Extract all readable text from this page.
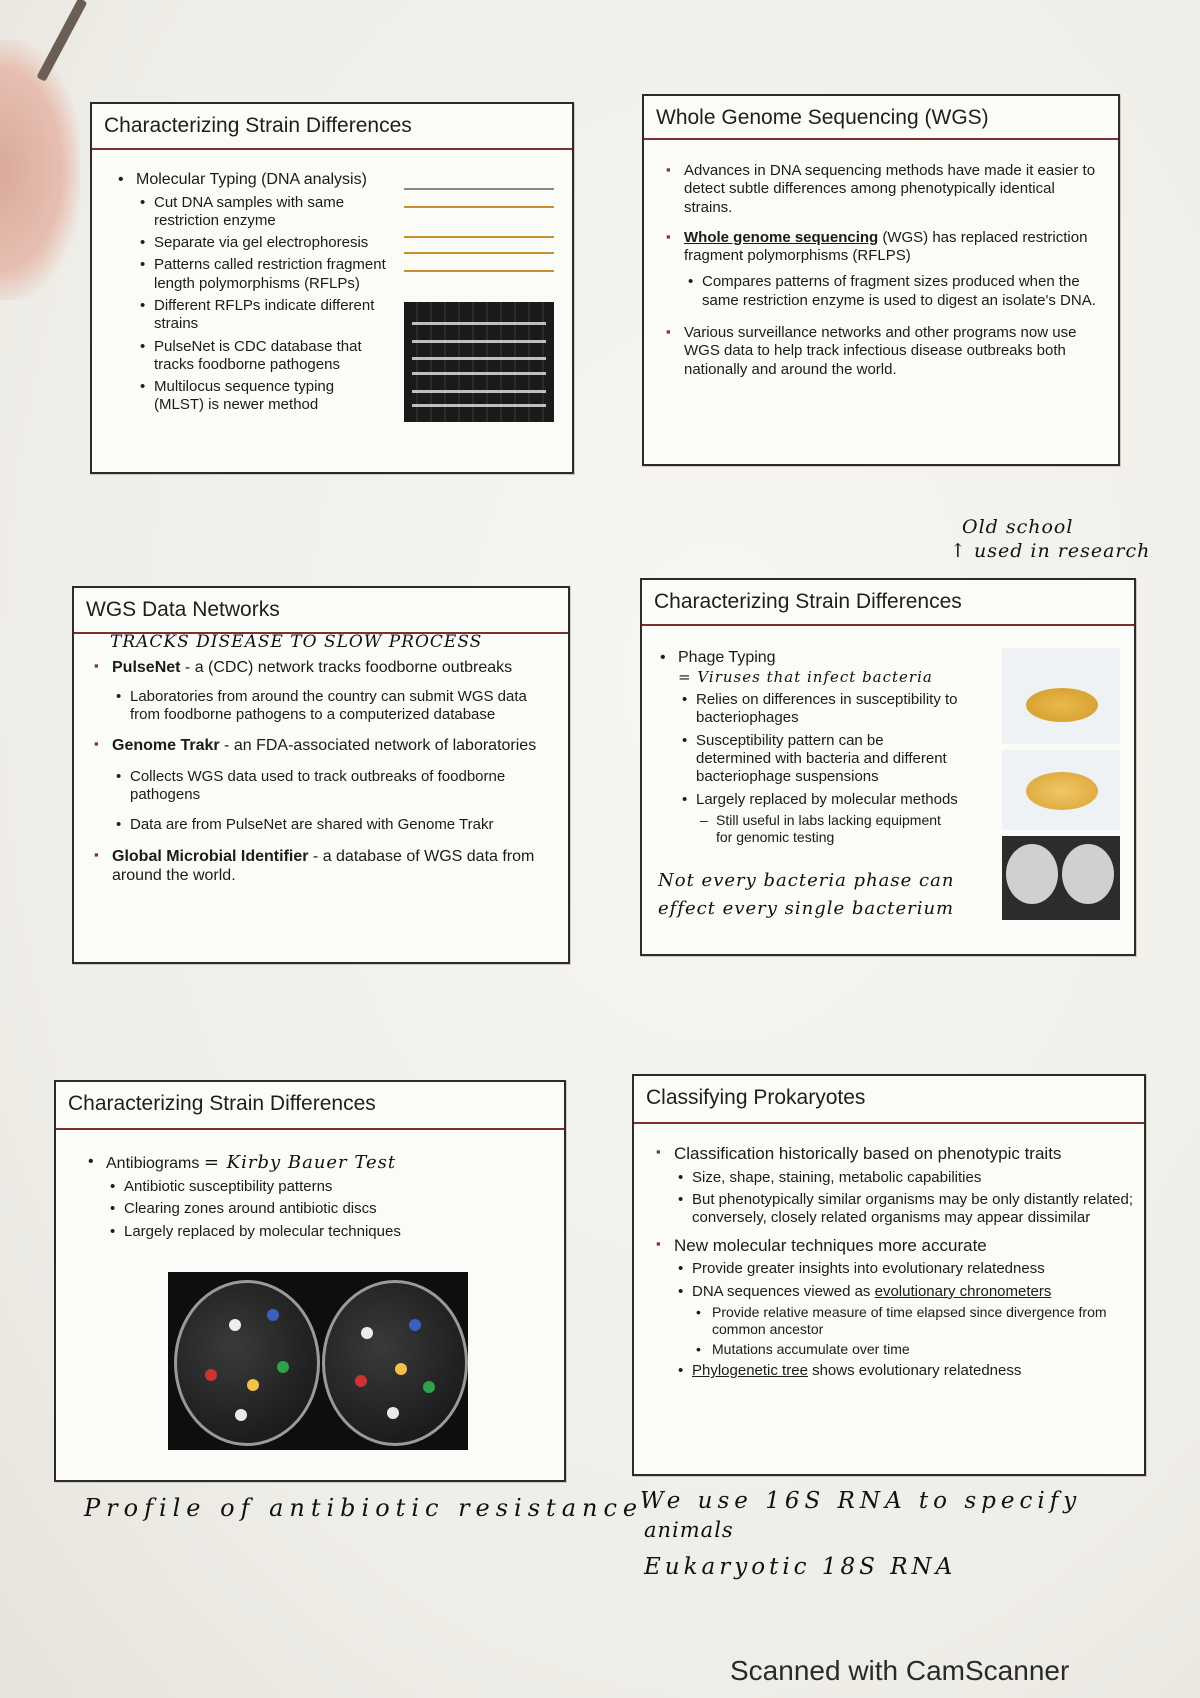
Characterizing Strain Differences
• Molecular Typing (DNA analysis)
• Cut DNA samples with same restriction enzyme
• Separate via gel electrophoresis
• Patterns called restriction fragment length polymorphisms (RFLPs)
• Different RFLPs indicate different strains
• PulseNet is CDC database that tracks foodborne pathogens
• Multilocus sequence typing (MLST) is newer method
Whole Genome Sequencing (WGS)
▪ Advances in DNA sequencing methods have made it easier to detect subtle differences among phenotypically identical strains.
▪ Whole genome sequencing (WGS) has replaced restriction fragment polymorphisms (RFLPS)
• Compares patterns of fragment sizes produced when the same restriction enzyme is used to digest an isolate's DNA.
▪ Various surveillance networks and other programs now use WGS data to help track infectious disease outbreaks both nationally and around the world.
Old school
↑ used in research
WGS Data Networks
TRACKS DISEASE TO SLOW PROCESS
▪ PulseNet - a (CDC) network tracks foodborne outbreaks
• Laboratories from around the country can submit WGS data from foodborne pathogens to a computerized database
▪ Genome Trakr - an FDA-associated network of laboratories
• Collects WGS data used to track outbreaks of foodborne pathogens
• Data are from PulseNet are shared with Genome Trakr
▪ Global Microbial Identifier - a database of WGS data from around the world.
Characterizing Strain Differences
• Phage Typing = Viruses that infect bacteria
• Relies on differences in susceptibility to bacteriophages
• Susceptibility pattern can be determined with bacteria and different bacteriophage suspensions
• Largely replaced by molecular methods
– Still useful in labs lacking equipment for genomic testing
Not every bacteria phase can
effect every single bacterium
Characterizing Strain Differences
• Antibiograms = Kirby Bauer Test
• Antibiotic susceptibility patterns
• Clearing zones around antibiotic discs
• Largely replaced by molecular techniques
Profile of antibiotic resistance
Classifying Prokaryotes
▪ Classification historically based on phenotypic traits
• Size, shape, staining, metabolic capabilities
• But phenotypically similar organisms may be only distantly related; conversely, closely related organisms may appear dissimilar
▪ New molecular techniques more accurate
• Provide greater insights into evolutionary relatedness
• DNA sequences viewed as evolutionary chronometers
• Provide relative measure of time elapsed since divergence from common ancestor
• Mutations accumulate over time
• Phylogenetic tree shows evolutionary relatedness
We use 16S RNA to specify
animals
Eukaryotic 18S RNA
Scanned with CamScanner
